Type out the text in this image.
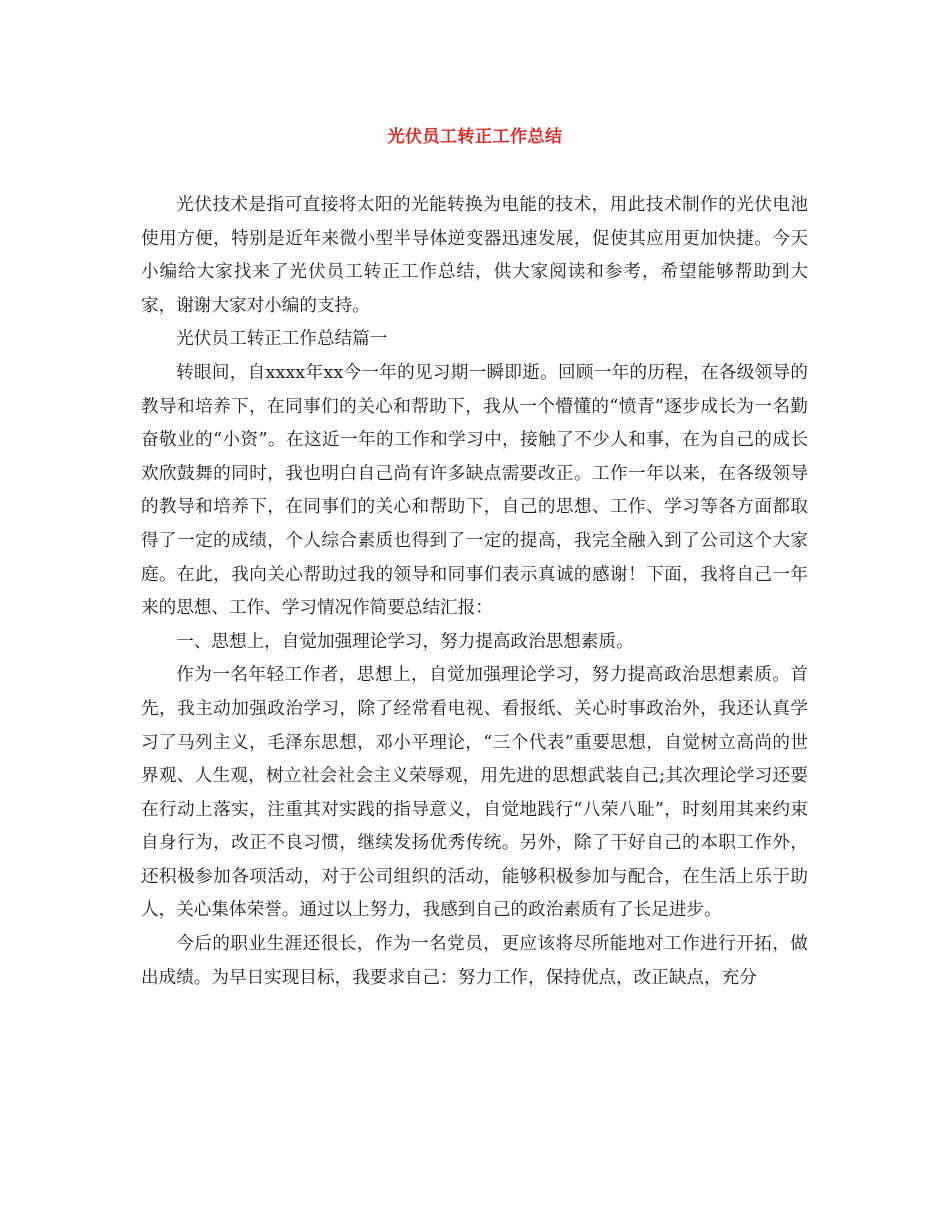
光伏员工转正工作总结

光伏技术是指可直接将太阳的光能转换为电能的技术，用此技术制作的光伏电池使用方便，特别是近年来微小型半导体逆变器迅速发展，促使其应用更加快捷。今天小编给大家找来了光伏员工转正工作总结，供大家阅读和参考，希望能够帮助到大家，谢谢大家对小编的支持。

光伏员工转正工作总结篇一

转眼间，自xxxx年xx今一年的见习期一瞬即逝。回顾一年的历程，在各级领导的教导和培养下，在同事们的关心和帮助下，我从一个懵懂的“愤青”逐步成长为一名勤奋敬业的“小资”。在这近一年的工作和学习中，接触了不少人和事，在为自己的成长欢欣鼓舞的同时，我也明白自己尚有许多缺点需要改正。工作一年以来，在各级领导的教导和培养下，在同事们的关心和帮助下，自己的思想、工作、学习等各方面都取得了一定的成绩，个人综合素质也得到了一定的提高，我完全融入到了公司这个大家庭。在此，我向关心帮助过我的领导和同事们表示真诚的感谢！下面，我将自己一年来的思想、工作、学习情况作简要总结汇报：

一、思想上，自觉加强理论学习，努力提高政治思想素质。

作为一名年轻工作者，思想上，自觉加强理论学习，努力提高政治思想素质。首先，我主动加强政治学习，除了经常看电视、看报纸、关心时事政治外，我还认真学习了马列主义，毛泽东思想，邓小平理论，“三个代表”重要思想，自觉树立高尚的世界观、人生观，树立社会社会主义荣辱观，用先进的思想武装自己;其次理论学习还要在行动上落实，注重其对实践的指导意义，自觉地践行“八荣八耻”，时刻用其来约束自身行为，改正不良习惯，继续发扬优秀传统。另外，除了干好自己的本职工作外，还积极参加各项活动，对于公司组织的活动，能够积极参加与配合，在生活上乐于助人，关心集体荣誉。通过以上努力，我感到自己的政治素质有了长足进步。

今后的职业生涯还很长，作为一名党员，更应该将尽所能地对工作进行开拓，做出成绩。为早日实现目标，我要求自己：努力工作，保持优点，改正缺点，充分
